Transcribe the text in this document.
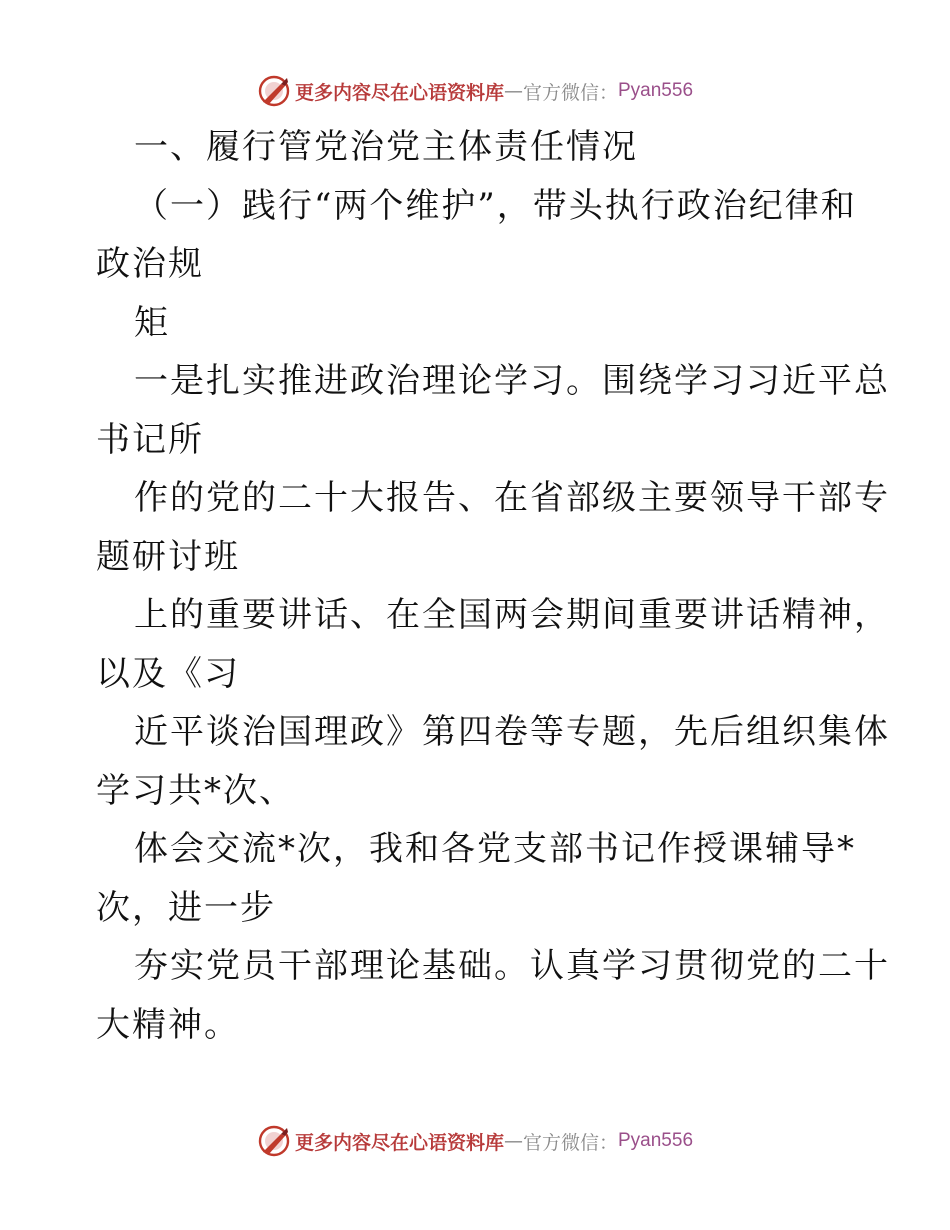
更多内容尽在心语资料库 — 官方微信： Pyan556
一、履行管党治党主体责任情况
（一）践行“两个维护”，带头执行政治纪律和
政治规
矩
一是扎实推进政治理论学习。围绕学习习近平总
书记所
作的党的二十大报告、在省部级主要领导干部专
题研讨班
上的重要讲话、在全国两会期间重要讲话精神，
以及《习
近平谈治国理政》第四卷等专题，先后组织集体
学习共*次、
体会交流*次，我和各党支部书记作授课辅导*
次，进一步
夯实党员干部理论基础。认真学习贯彻党的二十
大精神。
更多内容尽在心语资料库 — 官方微信： Pyan556
